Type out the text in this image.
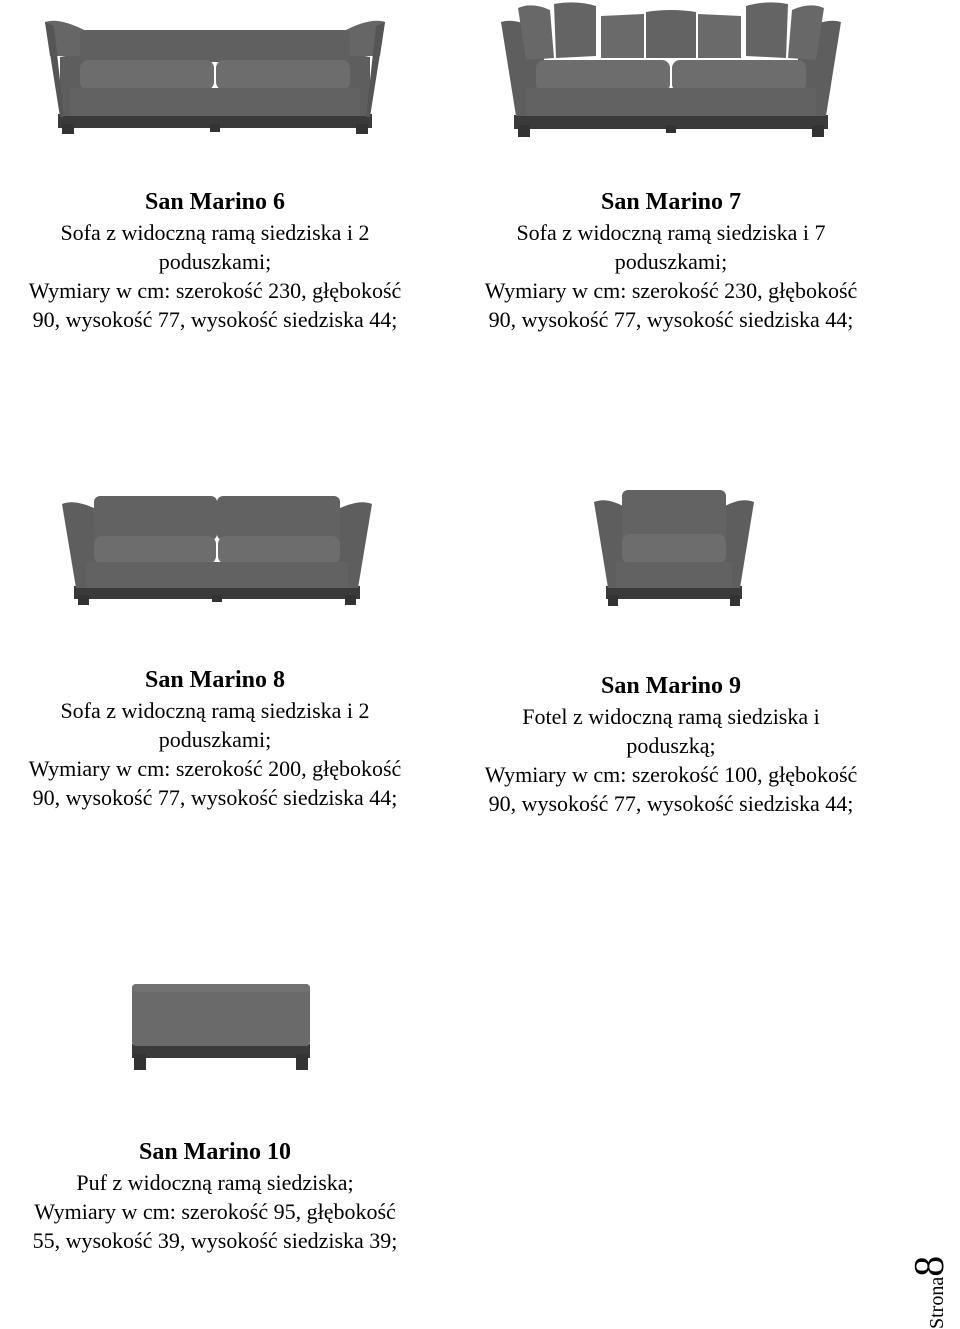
San Marino 6
Sofa z widoczną ramą siedziska i 2
poduszkami;
Wymiary w cm: szerokość 230, głębokość
90, wysokość 77, wysokość siedziska 44;
San Marino 7
Sofa z widoczną ramą siedziska i 7
poduszkami;
Wymiary w cm: szerokość 230, głębokość
90, wysokość 77, wysokość siedziska 44;
San Marino 8
Sofa z widoczną ramą siedziska i 2
poduszkami;
Wymiary w cm: szerokość 200, głębokość
90, wysokość 77, wysokość siedziska 44;
San Marino 9
Fotel z widoczną ramą siedziska i
poduszką;
Wymiary w cm: szerokość 100, głębokość
90, wysokość 77, wysokość siedziska 44;
San Marino 10
Puf z widoczną ramą siedziska;
Wymiary w cm: szerokość 95, głębokość
55, wysokość 39, wysokość siedziska 39;
Strona
8
